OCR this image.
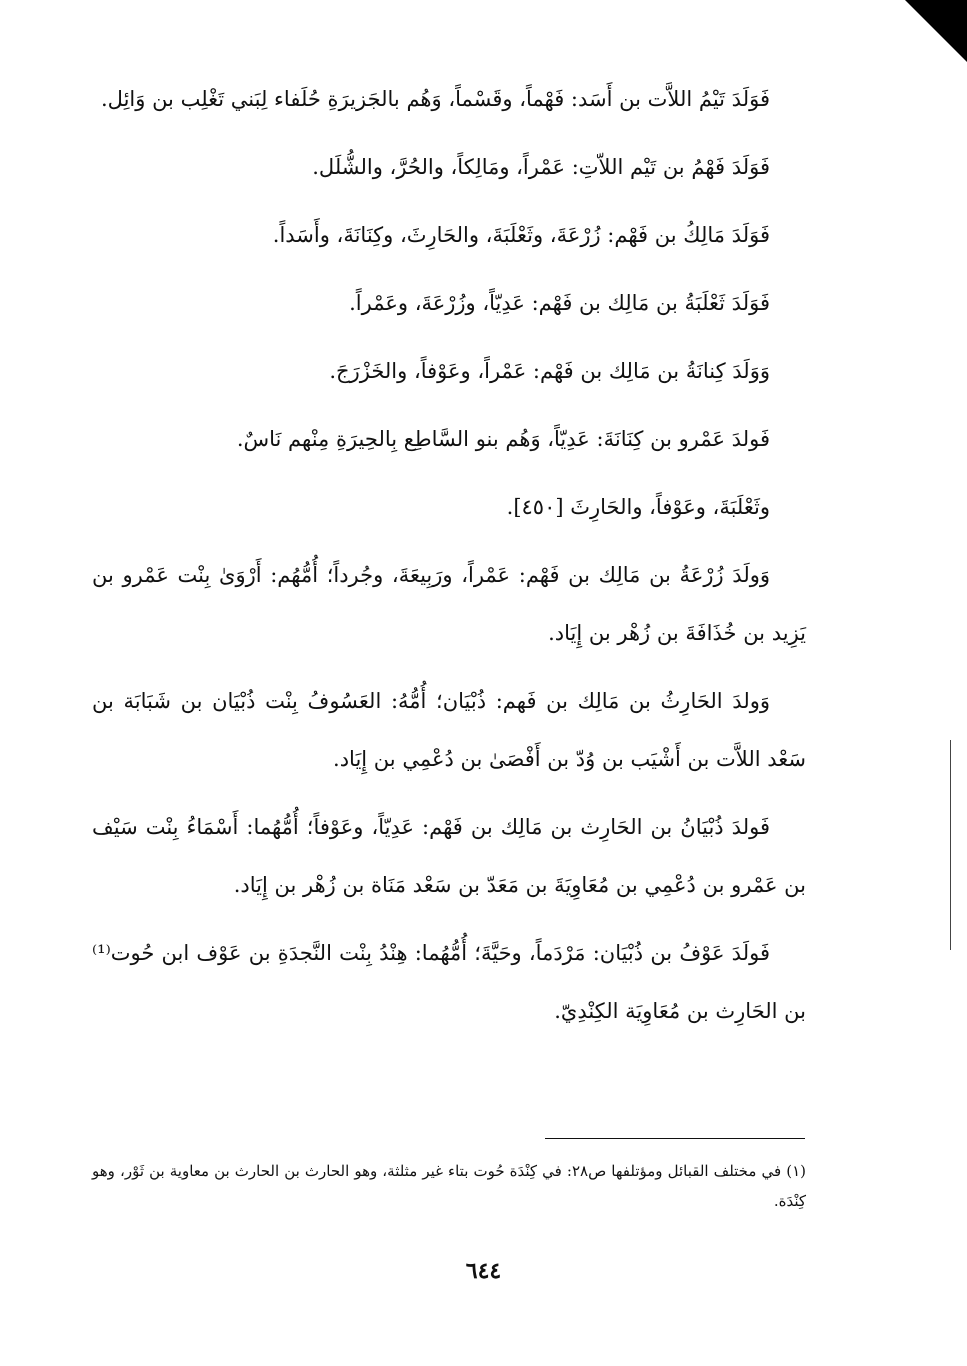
فَوَلَدَ تَيْمُ اللاَّت بن أَسَد: فَهْماً، وقَسْماً، وَهُم بالجَزيرَةِ حُلَفاء لِبَني تَغْلِب بن وَائِل.

فَوَلَدَ فَهْمُ بن تَيْم اللاّتِ: عَمْراً، ومَالِكاً، والحُرَّ، والشُّلَل.

فَوَلَدَ مَالِكُ بن فَهْم: زُرْعَةَ، وثَعْلَبَةَ، والحَارِثَ، وكِنَانَةَ، وأَسَداً.

فَوَلَدَ ثَعْلَبَةُ بن مَالِك بن فَهْم: عَدِيّاً، وزُرْعَةَ، وعَمْراً.

وَوَلَدَ كِنانَةُ بن مَالِك بن فَهْم: عَمْراً، وعَوْفاً، والخَزْرَجَ.

فَولدَ عَمْرو بن كِنَانَةَ: عَدِيّاً، وَهُم بنو السَّاطِع بِالحِيرَةِ مِنْهم نَاسٌ.

وثَعْلَبَةَ، وعَوْفاً، والحَارِثَ [٤٥٠].

وَولَدَ زُرْعَةُ بن مَالِك بن فَهْم: عَمْراً، ورَبِيعَةَ، وجُرداً؛ أُمُّهُم: أَرْوَىٰ بِنْت عَمْرو بن يَزِيد بن خُذَافَةَ بن زُهْر بن إِيَاد.

وَولدَ الحَارِثُ بن مَالِك بن فَهم: ذُبْيَان؛ أُمُّهُ: العَسُوفُ بِنْت ذُبْيَان بن شَبَابَة بن سَعْد اللاَّت بن أَشْيَب بن وُدّ بن أَفْصَىٰ بن دُعْمِي بن إِيَاد.

فَولدَ ذُبْيَانُ بن الحَارِث بن مَالِك بن فَهْم: عَدِيّاً، وعَوْفاً؛ أُمُّهُما: أَسْمَاءُ بِنْت سَيْف بن عَمْرو بن دُعْمِي بن مُعَاوِيَةَ بن مَعَدّ بن سَعْد مَنَاة بن زُهْر بن إِيَاد.

فَولَدَ عَوْفُ بن ذُبْيَان: مَرْدَماً، وحَيَّةَ؛ أُمُّهُما: هِنْدُ بِنْت النَّجدَةِ بن عَوْف ابن حُوت⁽¹⁾ بن الحَارِث بن مُعَاوِيَة الكِنْدِيّ.

(١) في مختلف القبائل ومؤتلفها ص٢٨: في كِنْدَة حُوت بتاء غير مثلثة، وهو الحارث بن الحارث بن معاوية بن ثَوْر، وهو كِنْدَة.
٦٤٤
